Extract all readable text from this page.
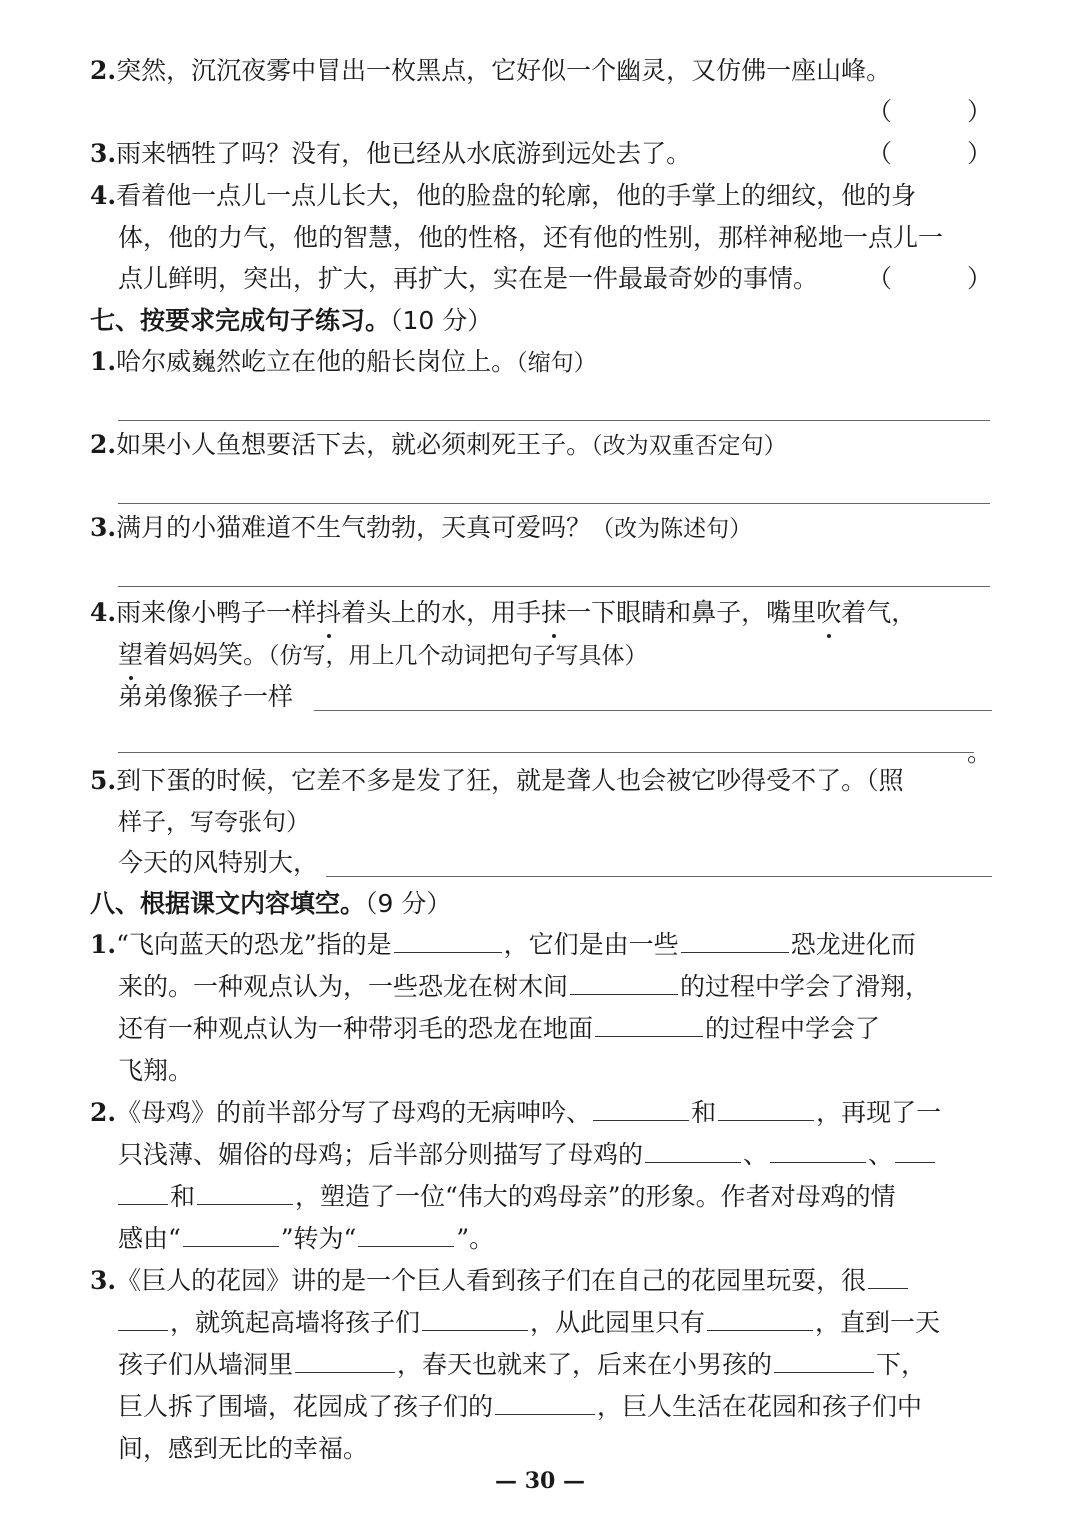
2.突然，沉沉夜雾中冒出一枚黑点，它好似一个幽灵，又仿佛一座山峰。
（　　　）
3.雨来牺牲了吗？没有，他已经从水底游到远处去了。	（　　　）
4.看着他一点儿一点儿长大，他的脸盘的轮廓，他的手掌上的细纹，他的身
体，他的力气，他的智慧，他的性格，还有他的性别，那样神秘地一点儿一
点儿鲜明，突出，扩大，再扩大，实在是一件最最奇妙的事情。 （　　　）
七、按要求完成句子练习。（10 分）
1.哈尔威巍然屹立在他的船长岗位上。（缩句）
2.如果小人鱼想要活下去，就必须刺死王子。（改为双重否定句）
3.满月的小猫难道不生气勃勃，天真可爱吗？（改为陈述句）
4.雨来像小鸭子一样抖着头上的水，用手抹一下眼睛和鼻子，嘴里吹着气，
望着妈妈笑。（仿写，用上几个动词把句子写具体）
弟弟像猴子一样
。
5.到下蛋的时候，它差不多是发了狂，就是聋人也会被它吵得受不了。（照
样子，写夸张句）
今天的风特别大，
八、根据课文内容填空。（9 分）
1.“飞向蓝天的恐龙”指的是	，它们是由一些	恐龙进化而
来的。一种观点认为，一些恐龙在树木间	的过程中学会了滑翔，
还有一种观点认为一种带羽毛的恐龙在地面	的过程中学会了
飞翔。
2.《母鸡》的前半部分写了母鸡的无病呻吟、	和	，再现了一
只浅薄、媚俗的母鸡；后半部分则描写了母鸡的	、	、
和	，塑造了一位“伟大的鸡母亲”的形象。作者对母鸡的情
感由“	”转为“	”。
3.《巨人的花园》讲的是一个巨人看到孩子们在自己的花园里玩耍，很
，就筑起高墙将孩子们	，从此园里只有	，直到一天
孩子们从墙洞里	，春天也就来了，后来在小男孩的	下，
巨人拆了围墙，花园成了孩子们的	，巨人生活在花园和孩子们中
间，感到无比的幸福。
— 30 —
